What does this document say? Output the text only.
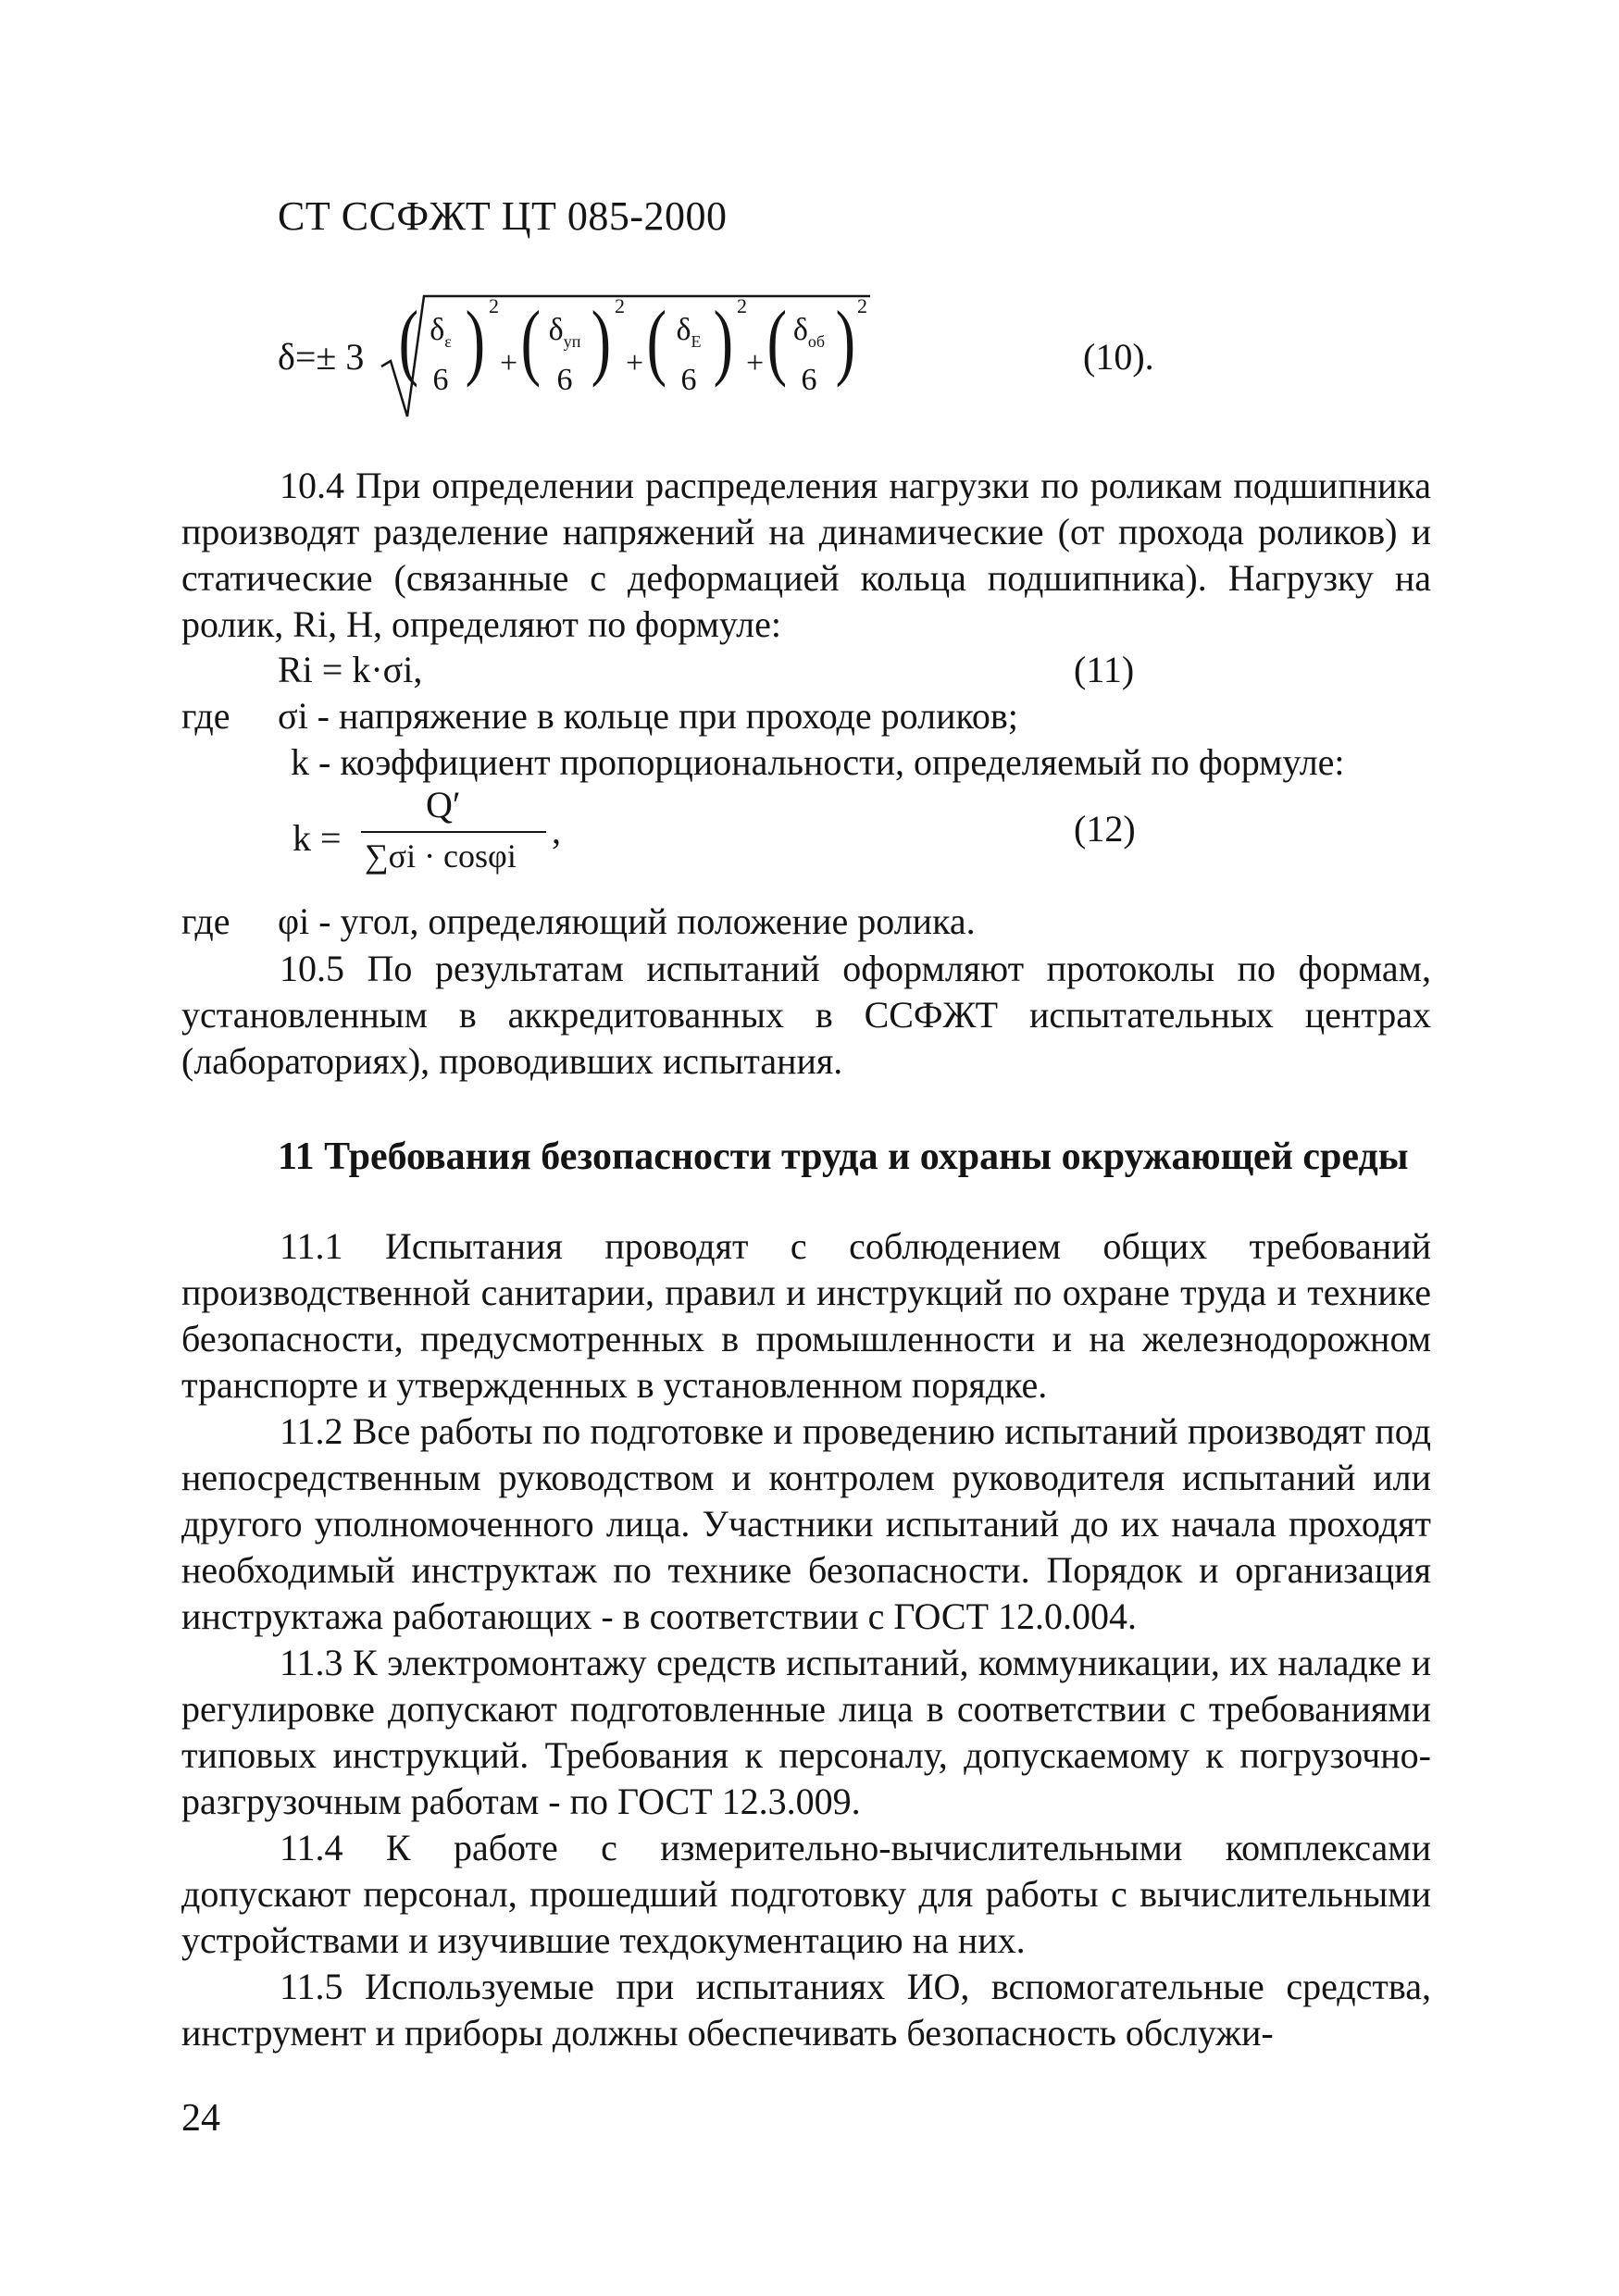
СТ ССФЖТ ЦТ 085-2000
δ=± 3 ( $\delta_\varepsilon$
6 ) 2
+ ( $\delta_{уп}$
6 ) 2
+ ( $\delta_E$
6 ) 2
+ ( $\delta_{об}$
6 ) 2
(10).

10.4 При определении распределения нагрузки по роликам подшипника производят разделение напряжений на динамические (от прохода роликов) и статические (связанные с деформацией кольца подшипника). Нагрузку на ролик, Ri, Н, определяют по формуле:

Ri = k·σi,	(11)
где σi - напряжение в кольце при проходе роликов;
k - коэффициент пропорциональности, определяемый по формуле:
k =
Q′
∑σi · cosφi
,	(12)
где φi - угол, определяющий положение ролика.

10.5 По результатам испытаний оформляют протоколы по формам, установленным в аккредитованных в ССФЖТ испытательных центрах (лабораториях), проводивших испытания.

11 Требования безопасности труда и охраны окружающей среды

11.1 Испытания проводят с соблюдением общих требований производственной санитарии, правил и инструкций по охране труда и технике безопасности, предусмотренных в промышленности и на железнодорожном транспорте и утвержденных в установленном порядке.

11.2 Все работы по подготовке и проведению испытаний производят под непосредственным руководством и контролем руководителя испытаний или другого уполномоченного лица. Участники испытаний до их начала проходят необходимый инструктаж по технике безопасности. Порядок и организация инструктажа работающих - в соответствии с ГОСТ 12.0.004.

11.3 К электромонтажу средств испытаний, коммуникации, их наладке и регулировке допускают подготовленные лица в соответствии с требованиями типовых инструкций. Требования к персоналу, допускаемому к погрузочно-разгрузочным работам - по ГОСТ 12.3.009.

11.4 К работе с измерительно-вычислительными комплексами допускают персонал, прошедший подготовку для работы с вычислительными устройствами и изучившие техдокументацию на них.

11.5 Используемые при испытаниях ИО, вспомогательные средства, инструмент и приборы должны обеспечивать безопасность обслужи-

24
